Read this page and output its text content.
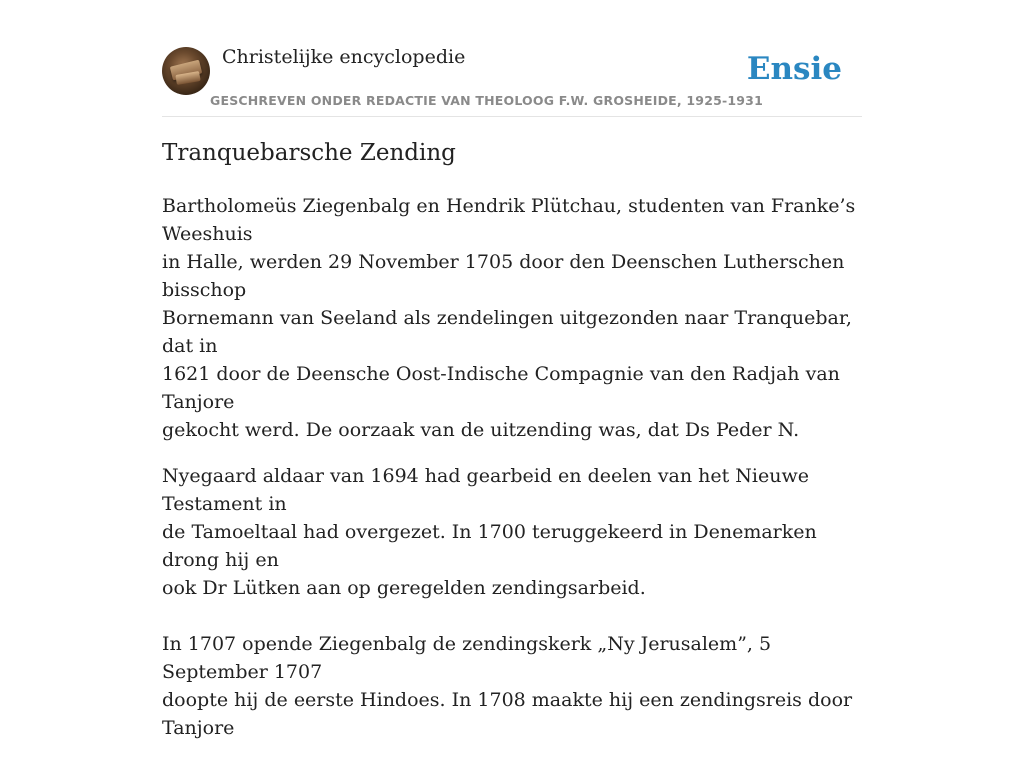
Christelijke encyclopedie
GESCHREVEN ONDER REDACTIE VAN THEOLOOG F.W. GROSHEIDE, 1925-1931
Ensie
Tranquebarsche Zending

Bartholomeüs Ziegenbalg en Hendrik Plütchau, studenten van Franke’s Weeshuis
in Halle, werden 29 November 1705 door den Deenschen Lutherschen bisschop
Bornemann van Seeland als zendelingen uitgezonden naar Tranquebar, dat in
1621 door de Deensche Oost-Indische Compagnie van den Radjah van Tanjore
gekocht werd. De oorzaak van de uitzending was, dat Ds Peder N.

Nyegaard aldaar van 1694 had gearbeid en deelen van het Nieuwe Testament in
de Tamoeltaal had overgezet. In 1700 teruggekeerd in Denemarken drong hij en
ook Dr Lütken aan op geregelden zendingsarbeid.

In 1707 opende Ziegenbalg de zendingskerk „Ny Jerusalem”, 5 September 1707
doopte hij de eerste Hindoes. In 1708 maakte hij een zendingsreis door Tanjore
